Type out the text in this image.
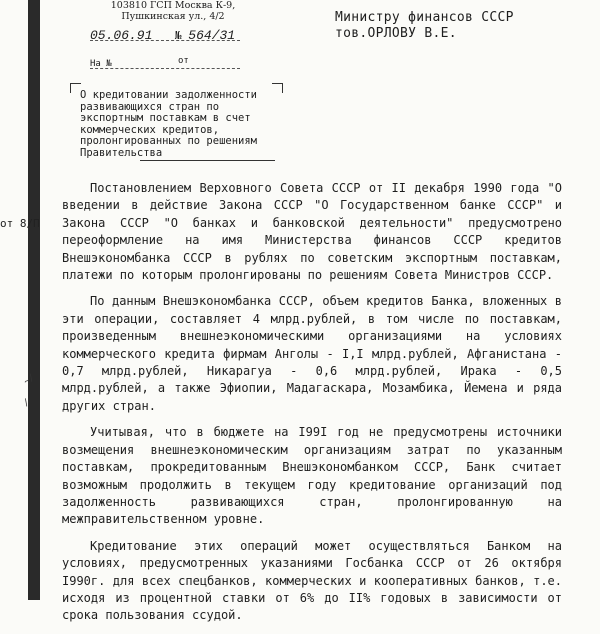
от 8/П
~/
/
103810 ГСП Москва К-9,
Пушкинская ул., 4/2
05.06.91 № 564/31
На №	от
Министру финансов СССР
тов.ОРЛОВУ В.Е.
О кредитовании задолженности развивающихся стран по экспортным поставкам в счет коммерческих кредитов, пролонгированных по решениям Правительства

Постановлением Верховного Совета СССР от II декабря 1990 года "О введении в действие Закона СССР "О Государственном банке СССР" и Закона СССР "О банках и банковской деятельности" предусмотрено переоформление на имя Министерства финансов СССР кредитов Внешэкономбанка СССР в рублях по советским экспортным поставкам, платежи по которым пролонгированы по решениям Совета Министров СССР.

По данным Внешэкономбанка СССР, объем кредитов Банка, вложенных в эти операции, составляет 4 млрд.рублей, в том числе по поставкам, произведенным внешнеэкономическими организациями на условиях коммерческого кредита фирмам Анголы - I,I млрд.рублей, Афганистана - 0,7 млрд.рублей, Никарагуа - 0,6 млрд.рублей, Ирака - 0,5 млрд.рублей, а также Эфиопии, Мадагаскара, Мозамбика, Йемена и ряда других стран.

Учитывая, что в бюджете на I99I год не предусмотрены источники возмещения внешнеэкономическим организациям затрат по указанным поставкам, прокредитованным Внешэкономбанком СССР, Банк считает возможным продолжить в текущем году кредитование организаций под задолженность развивающихся стран, пролонгированную на межправительственном уровне.

Кредитование этих операций может осуществляться Банком на условиях, предусмотренных указаниями Госбанка СССР от 26 октября I990г. для всех спецбанков, коммерческих и кооперативных банков, т.е. исходя из процентной ставки от 6% до II% годовых в зависимости от срока пользования ссудой.
